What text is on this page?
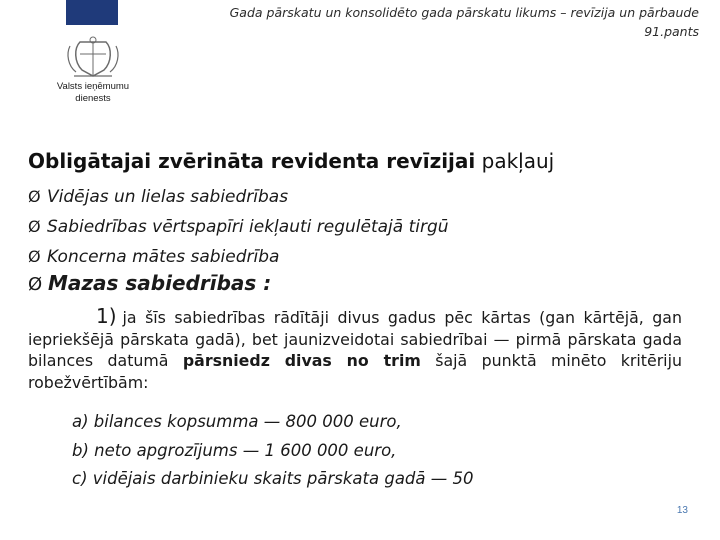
Valsts ieņēmumu
dienests
Gada pārskatu un konsolidēto gada pārskatu likums – revīzija un pārbaude
91.pants
Obligātajai zvērināta revidenta revīzijai pakļauj
Ø Vidējas un lielas sabiedrības
Ø Sabiedrības vērtspapīri iekļauti regulētajā tirgū
Ø Koncerna mātes sabiedrība
Ø Mazas sabiedrības :
1) ja šīs sabiedrības rādītāji divus gadus pēc kārtas (gan kārtējā, gan iepriekšējā pārskata gadā), bet jaunizveidotai sabiedrībai — pirmā pārskata gada bilances datumā pārsniedz divas no trim šajā punktā minēto kritēriju robežvērtībām:
a) bilances kopsumma — 800 000 euro,
b) neto apgrozījums — 1 600 000 euro,
c) vidējais darbinieku skaits pārskata gadā — 50
13
